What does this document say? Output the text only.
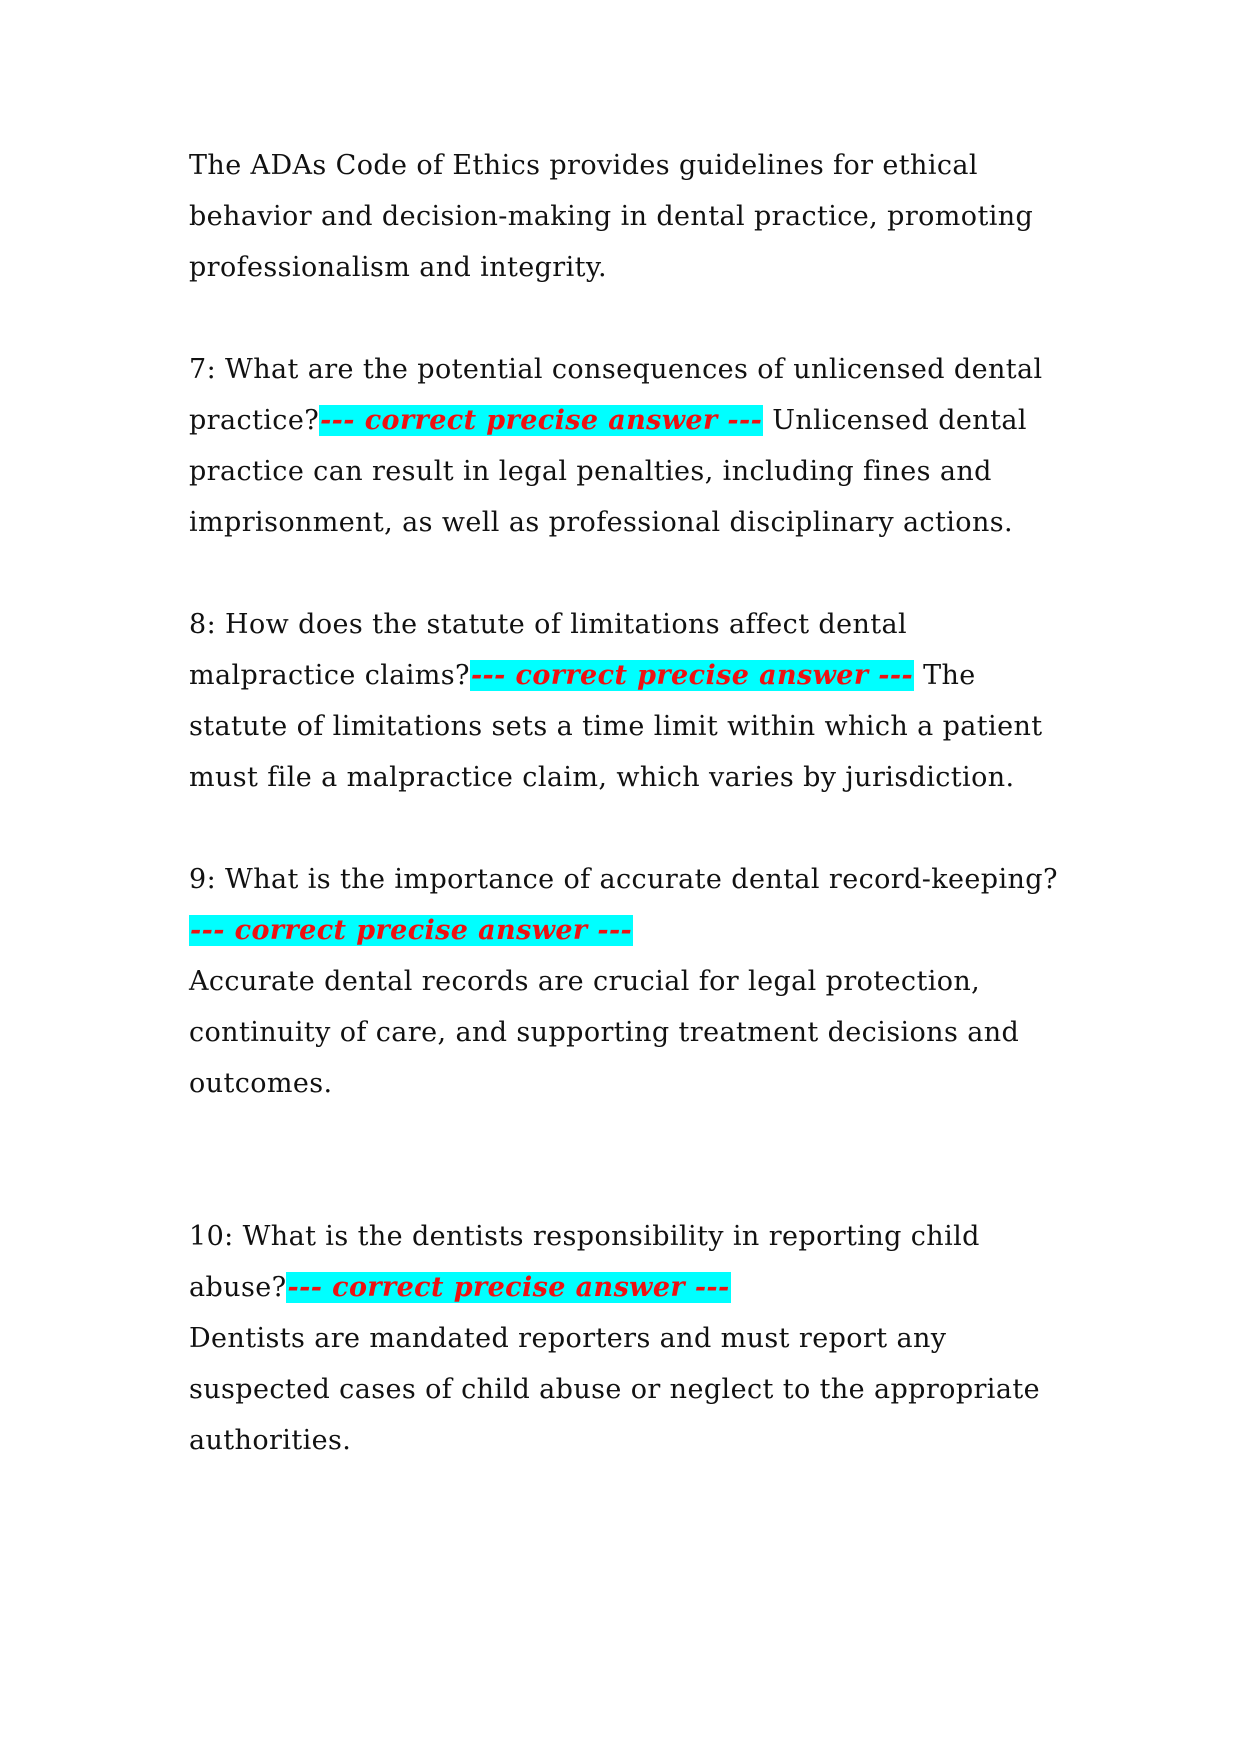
The ADAs Code of Ethics provides guidelines for ethical behavior and decision-making in dental practice, promoting professionalism and integrity.

7: What are the potential consequences of unlicensed dental practice?--- correct precise answer --- Unlicensed dental practice can result in legal penalties, including fines and imprisonment, as well as professional disciplinary actions.

8: How does the statute of limitations affect dental malpractice claims?--- correct precise answer --- The statute of limitations sets a time limit within which a patient must file a malpractice claim, which varies by jurisdiction.

9: What is the importance of accurate dental record-keeping?--- correct precise answer ---
Accurate dental records are crucial for legal protection, continuity of care, and supporting treatment decisions and outcomes.

10: What is the dentists responsibility in reporting child abuse?--- correct precise answer ---
Dentists are mandated reporters and must report any suspected cases of child abuse or neglect to the appropriate authorities.
